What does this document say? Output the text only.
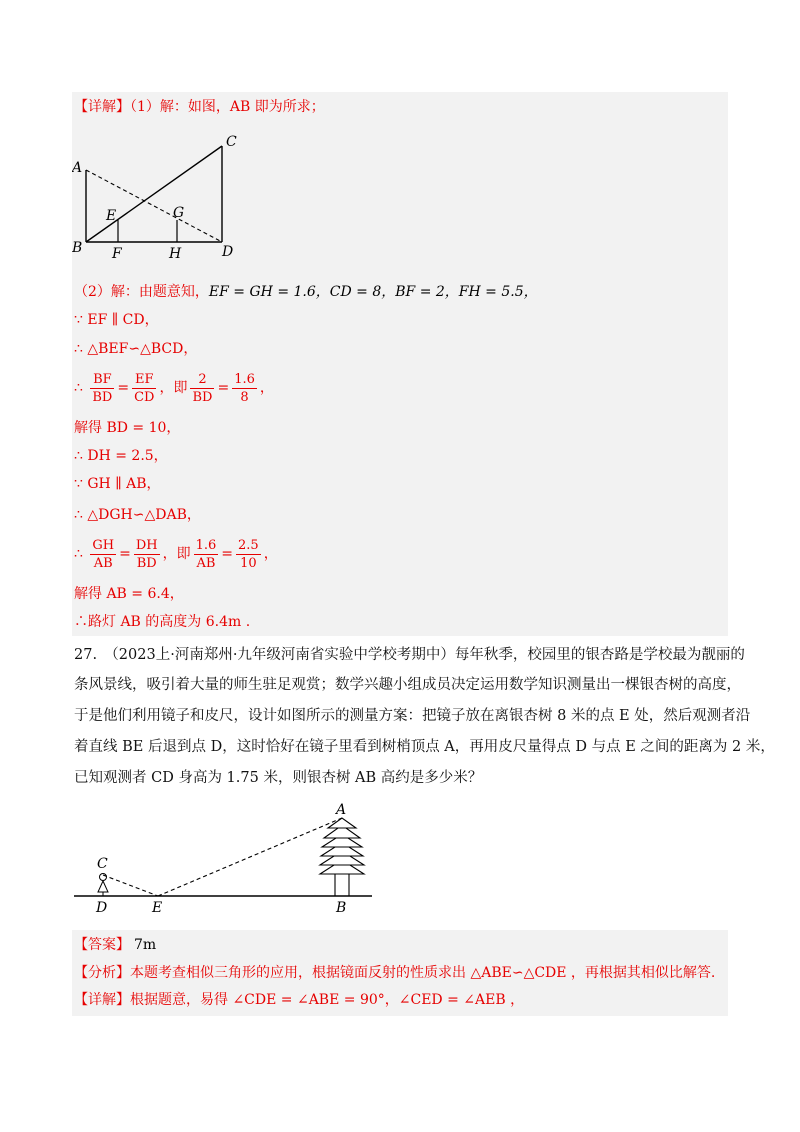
【详解】（1）解：如图，AB 即为所求；
A
B
C
D
E
F
G
H
（2）解：由题意知，EF = GH = 1.6，CD = 8，BF = 2，FH = 5.5，
∵ EF ∥ CD，
∴ △BEF∽△BCD，
∴ $\frac{BF}{BD} = \frac{EF}{CD}$ ，即 $\frac{2}{BD} = \frac{1.6}{8}$ ，
解得 BD = 10，
∴ DH = 2.5，
∵ GH ∥ AB，
∴ △DGH∽△DAB，
∴ $\frac{GH}{AB} = \frac{DH}{BD}$ ，即 $\frac{1.6}{AB} = \frac{2.5}{10}$ ，
解得 AB = 6.4，
∴路灯 AB 的高度为 6.4m .
27.　（2023上·河南郑州·九年级河南省实验中学校考期中）每年秋季，校园里的银杏路是学校最为靓丽的
条风景线，吸引着大量的师生驻足观赏；数学兴趣小组成员决定运用数学知识测量出一棵银杏树的高度，
于是他们利用镜子和皮尺，设计如图所示的测量方案：把镜子放在离银杏树 8 米的点 E 处，然后观测者沿
着直线 BE 后退到点 D，这时恰好在镜子里看到树梢顶点 A，再用皮尺量得点 D 与点 E 之间的距离为 2 米，
已知观测者 CD 身高为 1.75 米，则银杏树 AB 高约是多少米？
A
B
C
D	E
【答案】 7m
【分析】本题考查相似三角形的应用，根据镜面反射的性质求出 △ABE∽△CDE ，再根据其相似比解答.
【详解】根据题意，易得 ∠CDE = ∠ABE = 90°，∠CED = ∠AEB ，
